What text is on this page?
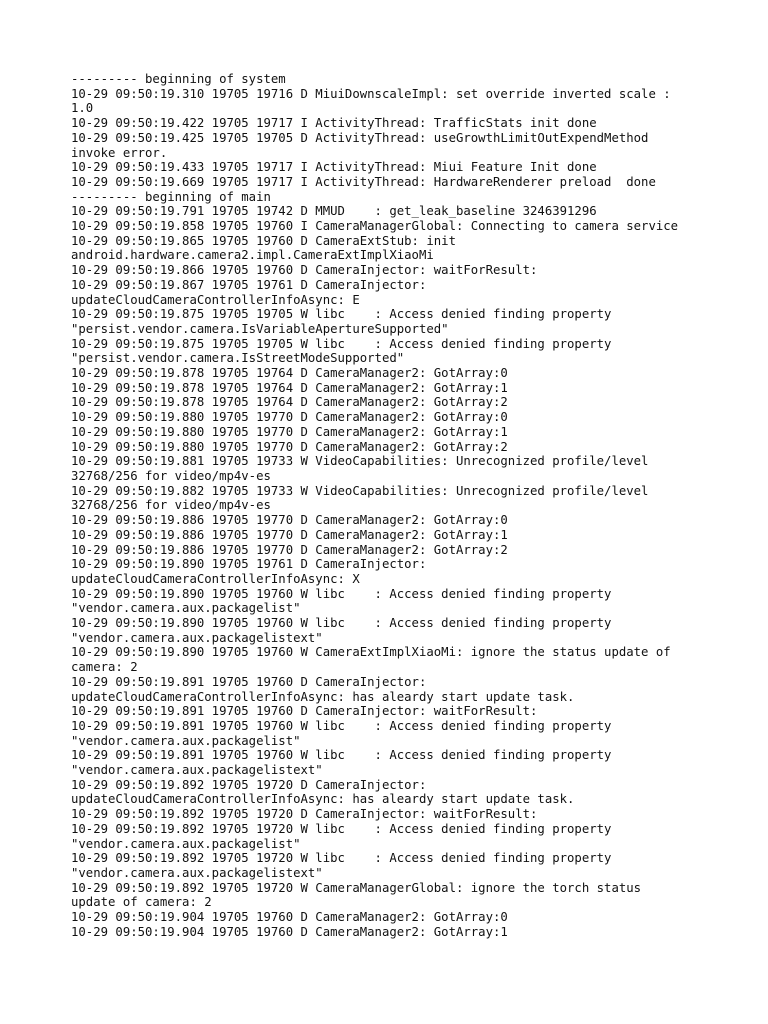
--------- beginning of system
10-29 09:50:19.310 19705 19716 D MiuiDownscaleImpl: set override inverted scale :
1.0
10-29 09:50:19.422 19705 19717 I ActivityThread: TrafficStats init done
10-29 09:50:19.425 19705 19705 D ActivityThread: useGrowthLimitOutExpendMethod
invoke error.
10-29 09:50:19.433 19705 19717 I ActivityThread: Miui Feature Init done
10-29 09:50:19.669 19705 19717 I ActivityThread: HardwareRenderer preload  done
--------- beginning of main
10-29 09:50:19.791 19705 19742 D MMUD    : get_leak_baseline 3246391296
10-29 09:50:19.858 19705 19760 I CameraManagerGlobal: Connecting to camera service
10-29 09:50:19.865 19705 19760 D CameraExtStub: init
android.hardware.camera2.impl.CameraExtImplXiaoMi
10-29 09:50:19.866 19705 19760 D CameraInjector: waitForResult:
10-29 09:50:19.867 19705 19761 D CameraInjector:
updateCloudCameraControllerInfoAsync: E
10-29 09:50:19.875 19705 19705 W libc    : Access denied finding property
"persist.vendor.camera.IsVariableApertureSupported"
10-29 09:50:19.875 19705 19705 W libc    : Access denied finding property
"persist.vendor.camera.IsStreetModeSupported"
10-29 09:50:19.878 19705 19764 D CameraManager2: GotArray:0
10-29 09:50:19.878 19705 19764 D CameraManager2: GotArray:1
10-29 09:50:19.878 19705 19764 D CameraManager2: GotArray:2
10-29 09:50:19.880 19705 19770 D CameraManager2: GotArray:0
10-29 09:50:19.880 19705 19770 D CameraManager2: GotArray:1
10-29 09:50:19.880 19705 19770 D CameraManager2: GotArray:2
10-29 09:50:19.881 19705 19733 W VideoCapabilities: Unrecognized profile/level
32768/256 for video/mp4v-es
10-29 09:50:19.882 19705 19733 W VideoCapabilities: Unrecognized profile/level
32768/256 for video/mp4v-es
10-29 09:50:19.886 19705 19770 D CameraManager2: GotArray:0
10-29 09:50:19.886 19705 19770 D CameraManager2: GotArray:1
10-29 09:50:19.886 19705 19770 D CameraManager2: GotArray:2
10-29 09:50:19.890 19705 19761 D CameraInjector:
updateCloudCameraControllerInfoAsync: X
10-29 09:50:19.890 19705 19760 W libc    : Access denied finding property
"vendor.camera.aux.packagelist"
10-29 09:50:19.890 19705 19760 W libc    : Access denied finding property
"vendor.camera.aux.packagelistext"
10-29 09:50:19.890 19705 19760 W CameraExtImplXiaoMi: ignore the status update of
camera: 2
10-29 09:50:19.891 19705 19760 D CameraInjector:
updateCloudCameraControllerInfoAsync: has aleardy start update task.
10-29 09:50:19.891 19705 19760 D CameraInjector: waitForResult:
10-29 09:50:19.891 19705 19760 W libc    : Access denied finding property
"vendor.camera.aux.packagelist"
10-29 09:50:19.891 19705 19760 W libc    : Access denied finding property
"vendor.camera.aux.packagelistext"
10-29 09:50:19.892 19705 19720 D CameraInjector:
updateCloudCameraControllerInfoAsync: has aleardy start update task.
10-29 09:50:19.892 19705 19720 D CameraInjector: waitForResult:
10-29 09:50:19.892 19705 19720 W libc    : Access denied finding property
"vendor.camera.aux.packagelist"
10-29 09:50:19.892 19705 19720 W libc    : Access denied finding property
"vendor.camera.aux.packagelistext"
10-29 09:50:19.892 19705 19720 W CameraManagerGlobal: ignore the torch status
update of camera: 2
10-29 09:50:19.904 19705 19760 D CameraManager2: GotArray:0
10-29 09:50:19.904 19705 19760 D CameraManager2: GotArray:1
